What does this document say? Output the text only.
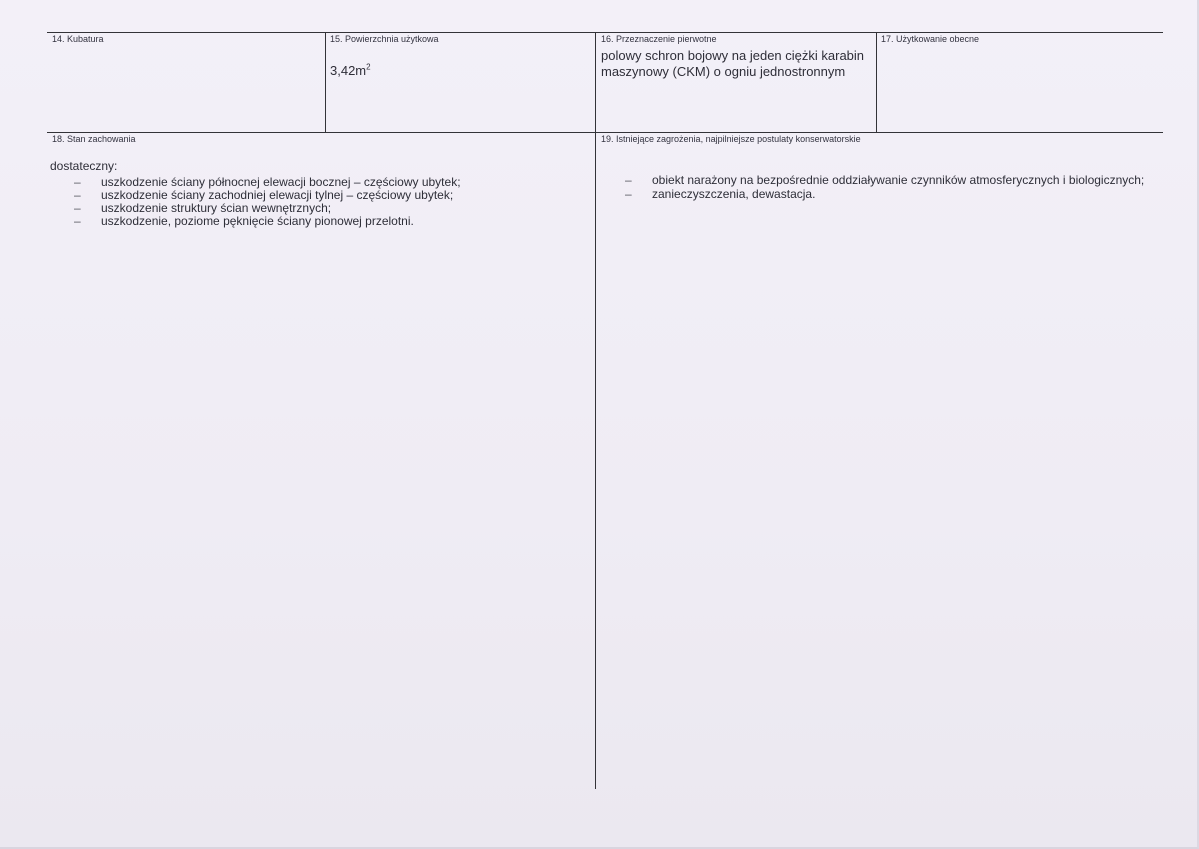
14. Kubatura	15. Powierzchnia użytkowa
$3,42m^2$
16. Przeznaczenie pierwotne
polowy schron bojowy na jeden ciężki karabin maszynowy (CKM) o ogniu jednostronnym
17. Użytkowanie obecne
18. Stan zachowania
dostateczny:
– uszkodzenie ściany północnej elewacji bocznej – częściowy ubytek;
– uszkodzenie ściany zachodniej elewacji tylnej – częściowy ubytek;
– uszkodzenie struktury ścian wewnętrznych;
– uszkodzenie, poziome pęknięcie ściany pionowej przelotni.
19. Istniejące zagrożenia, najpilniejsze postulaty konserwatorskie
– obiekt narażony na bezpośrednie oddziaływanie czynników atmosferycznych i biologicznych;
– zanieczyszczenia, dewastacja.
